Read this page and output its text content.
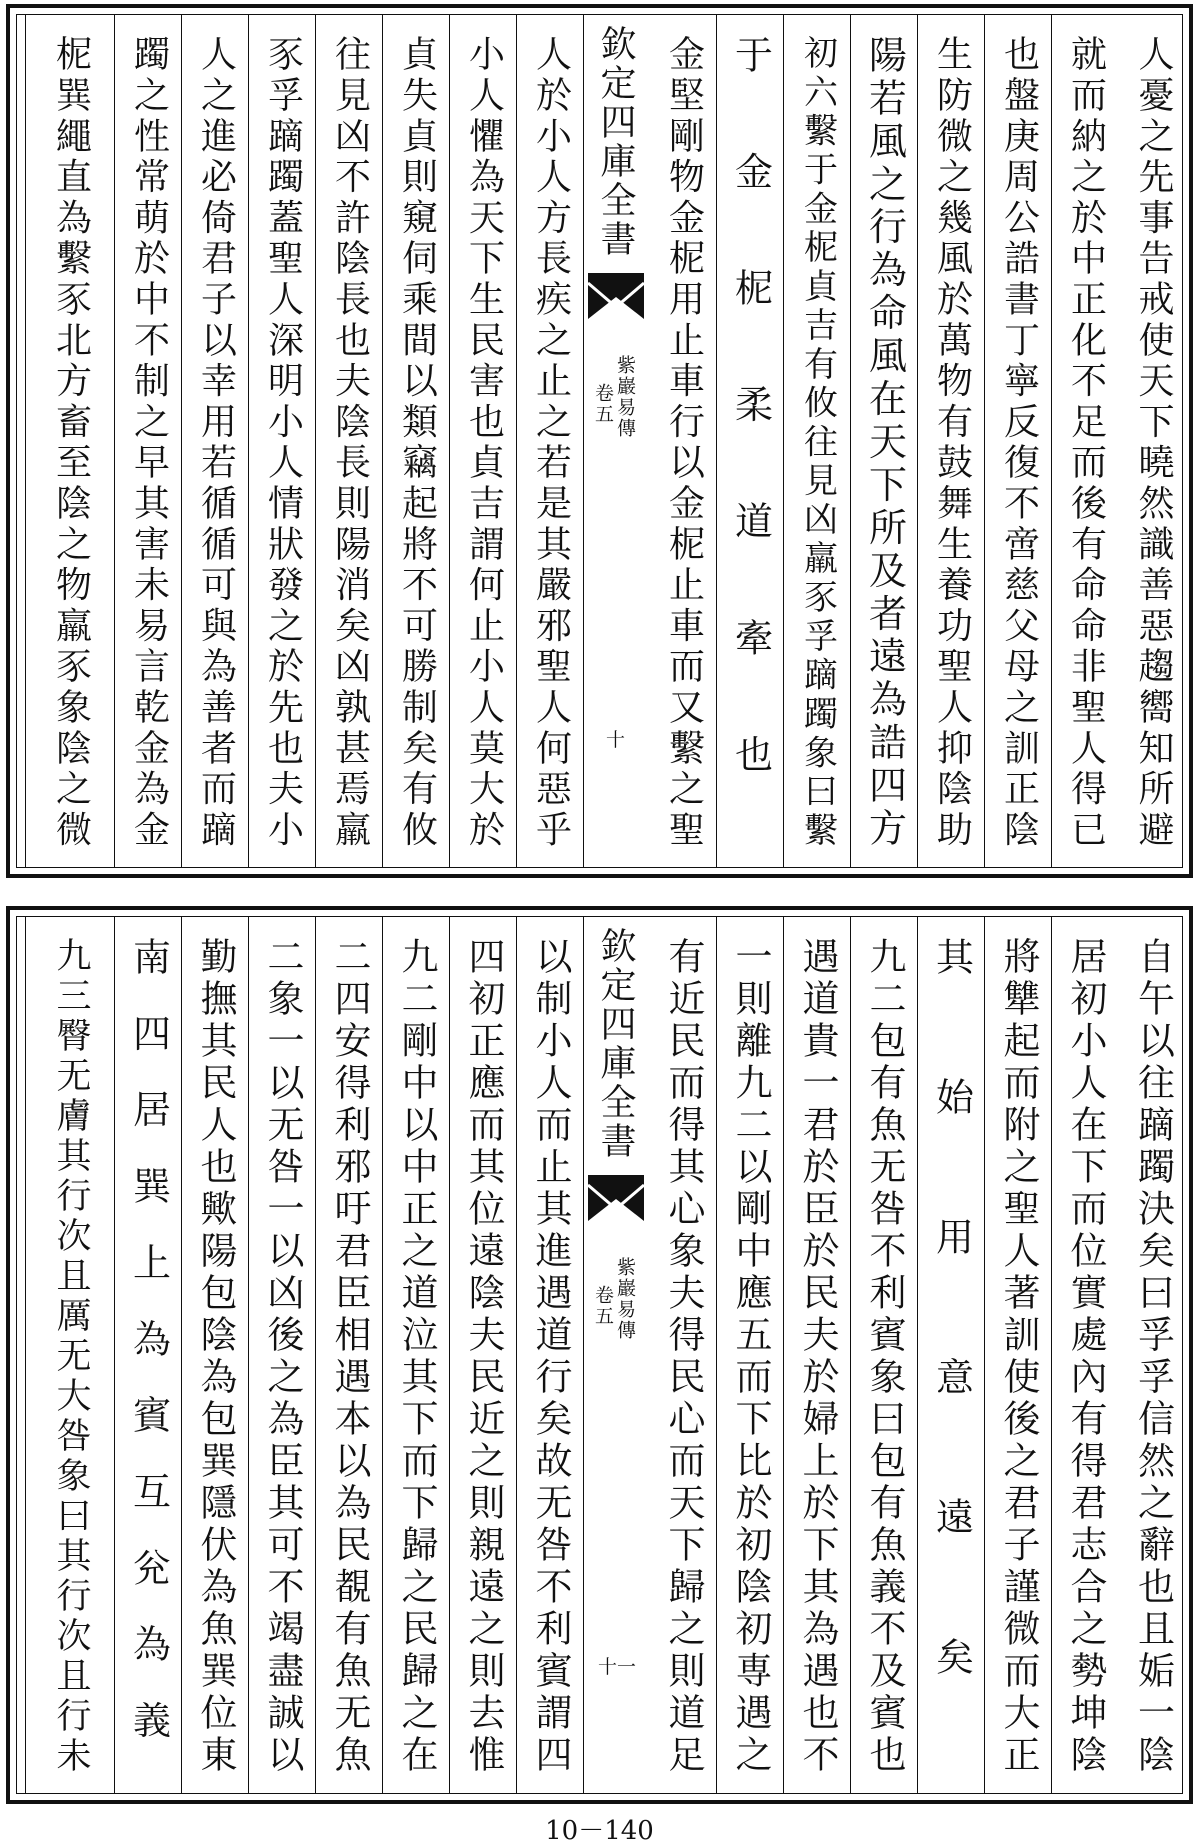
人憂之先事告戒使天下曉然識善惡趨嚮知所避
就而納之於中正化不足而後有命命非聖人得已
也盤庚周公誥書丁寧反復不啻慈父母之訓正陰
生防微之幾風於萬物有鼓舞生養功聖人抑陰助
陽若風之行為命風在天下所及者遠為誥四方
初六繫于金柅貞吉有攸往見凶羸豕孚蹢躅象曰繫
于金柅柔道牽也
金堅剛物金柅用止車行以金柅止車而又繫之聖
欽定四庫全書
紫巖易傳
卷五
十
人於小人方長疾之止之若是其嚴邪聖人何惡乎
小人懼為天下生民害也貞吉謂何止小人莫大於
貞失貞則窺伺乘間以類竊起將不可勝制矣有攸
往見凶不許陰長也夫陰長則陽消矣凶孰甚焉羸
豕孚蹢躅蓋聖人深明小人情狀發之於先也夫小
人之進必倚君子以幸用若循循可與為善者而蹢
躅之性常萌於中不制之早其害未易言乾金為金
柅巽繩直為繫豕北方畜至陰之物羸豕象陰之微
自午以往蹢躅決矣曰孚孚信然之辭也且姤一陰
居初小人在下而位實處內有得君志合之勢坤陰
將犨起而附之聖人著訓使後之君子謹微而大正
其始用意遠矣
九二包有魚无咎不利賓象曰包有魚義不及賓也
遇道貴一君於臣於民夫於婦上於下其為遇也不
一則離九二以剛中應五而下比於初陰初専遇之
有近民而得其心象夫得民心而天下歸之則道足
欽定四庫全書
紫巖易傳
卷五
十一
以制小人而止其進遇道行矣故无咎不利賓謂四
四初正應而其位遠陰夫民近之則親遠之則去惟
九二剛中以中正之道泣其下而下歸之民歸之在
二四安得利邪吁君臣相遇本以為民覩有魚无魚
二象一以无咎一以凶後之為臣其可不竭盡誠以
勤撫其民人也歟陽包陰為包巽隱伏為魚巽位東
南四居巽上為賓互兊為義
九三臀无膚其行次且厲无大咎象曰其行次且行未
10－140
